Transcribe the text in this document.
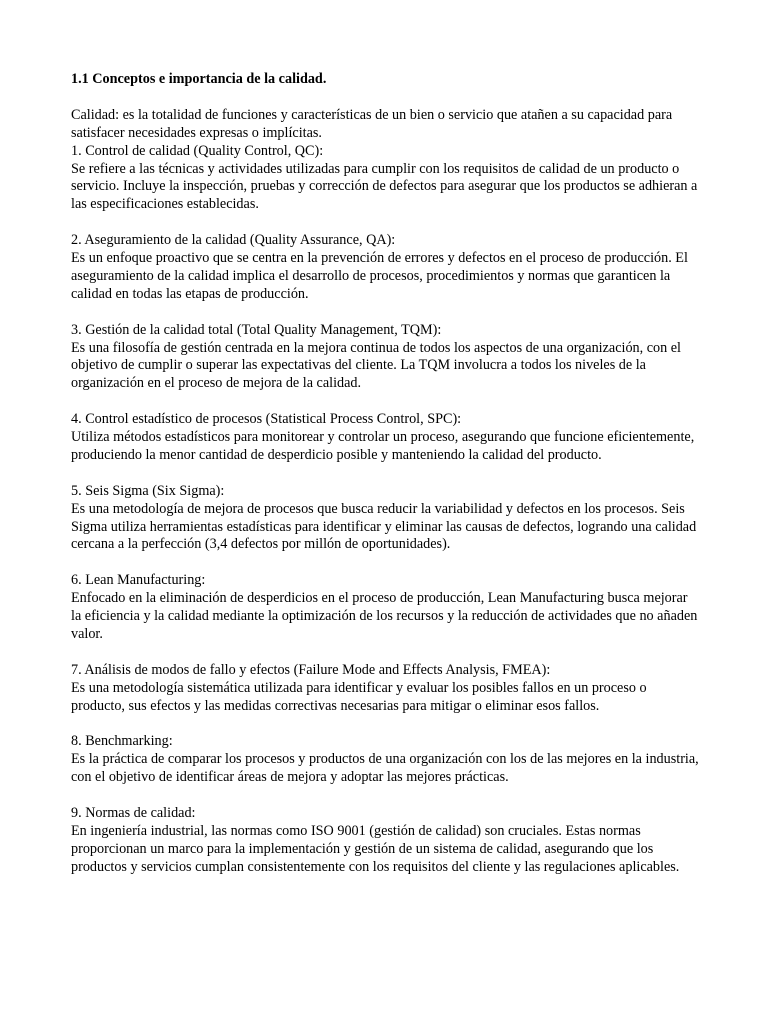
1.1 Conceptos e importancia de la calidad.

Calidad: es la totalidad de funciones y características de un bien o servicio que atañen a su capacidad para satisfacer necesidades expresas o implícitas.

1. Control de calidad (Quality Control, QC):

Se refiere a las técnicas y actividades utilizadas para cumplir con los requisitos de calidad de un producto o servicio. Incluye la inspección, pruebas y corrección de defectos para asegurar que los productos se adhieran a las especificaciones establecidas.

2. Aseguramiento de la calidad (Quality Assurance, QA):

Es un enfoque proactivo que se centra en la prevención de errores y defectos en el proceso de producción. El aseguramiento de la calidad implica el desarrollo de procesos, procedimientos y normas que garanticen la calidad en todas las etapas de producción.

3. Gestión de la calidad total (Total Quality Management, TQM):

Es una filosofía de gestión centrada en la mejora continua de todos los aspectos de una organización, con el objetivo de cumplir o superar las expectativas del cliente. La TQM involucra a todos los niveles de la organización en el proceso de mejora de la calidad.

4. Control estadístico de procesos (Statistical Process Control, SPC):

Utiliza métodos estadísticos para monitorear y controlar un proceso, asegurando que funcione eficientemente, produciendo la menor cantidad de desperdicio posible y manteniendo la calidad del producto.

5. Seis Sigma (Six Sigma):

Es una metodología de mejora de procesos que busca reducir la variabilidad y defectos en los procesos. Seis Sigma utiliza herramientas estadísticas para identificar y eliminar las causas de defectos, logrando una calidad cercana a la perfección (3,4 defectos por millón de oportunidades).

6. Lean Manufacturing:

Enfocado en la eliminación de desperdicios en el proceso de producción, Lean Manufacturing busca mejorar la eficiencia y la calidad mediante la optimización de los recursos y la reducción de actividades que no añaden valor.

7. Análisis de modos de fallo y efectos (Failure Mode and Effects Analysis, FMEA):

Es una metodología sistemática utilizada para identificar y evaluar los posibles fallos en un proceso o producto, sus efectos y las medidas correctivas necesarias para mitigar o eliminar esos fallos.

8. Benchmarking:

Es la práctica de comparar los procesos y productos de una organización con los de las mejores en la industria, con el objetivo de identificar áreas de mejora y adoptar las mejores prácticas.

9. Normas de calidad:

En ingeniería industrial, las normas como ISO 9001 (gestión de calidad) son cruciales. Estas normas proporcionan un marco para la implementación y gestión de un sistema de calidad, asegurando que los productos y servicios cumplan consistentemente con los requisitos del cliente y las regulaciones aplicables.
